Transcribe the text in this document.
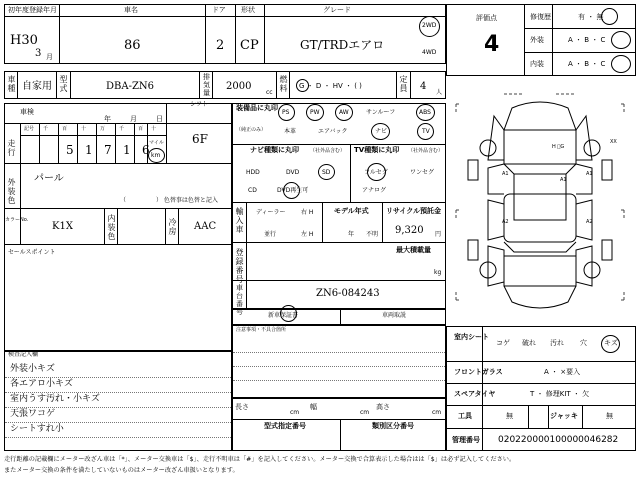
初年度登録年月	車名	ドア 形状	グレード
H30
3 月
86	2 CP	GT/TRDエアロ
2WD
4WD
車種 自家用
型式	DBA-ZN6
排気量
2000
cc
燃料 G ・ D ・ HV ・ ( )
定員 4
人
車検
年	月	日
シフト
6F
走行
記号 千	百	十	万	千	百 十
5 1 7 1 6 マイル
km
外装色
パール
（　　　　　） 色替事は色替と記入
カラーNo.
K1X
内装色
冷房 AAC
セールスポイント
検査記入欄
外装小キズ
各エアロ小キズ
室内うす汚れ・小キズ
天張ワコゲ
シートすれ小
装備品に丸印
（純正のみ）
PS	PW	AW	サンルーフ	ABS
本革	エアバック	ナビ	TV
ナビ種類に丸印 （社外品含む）
HDD	DVD	SD
CD	DVD再生可
TV種類に丸印 （社外品含む）
フルセグ	ワンセグ
アナログ
輸入車
ディーラー
並行
右 H
左 H
モデル年式
年 不明
リサイクル預託金
9,320 円
登録番号
最大積載量
kg
車台番号
ZN6-084243
新車保証書	車両取説
注意事項・不具合箇所
長さ
cm
幅
cm
高さ
cm
型式指定番号	類別区分番号
評価点
4
修復歴	有 ・ 無
外装	A ・ B ・ C
内装	A ・ B ・ C
A1	A1
A1
A2	A2
XX
H ゚G
室内シート
コゲ 破れ 汚れ 穴 キズ
フロントガラス	A ・ ×要入
スペアタイヤ	T ・ 修理KIT ・ 欠
工具	無	ジャッキ	無
管理番号 020220000100000046282
走行距離の記載欄にメーター改ざん車は「*」、メーター交換車は「$」、走行不明車は「#」を記入してください。メーター交換で合算表示した場合はは「$」は必ず記入してください。
またメーター交換の条件を満たしていないものはメーター改ざん車扱いとなります。
